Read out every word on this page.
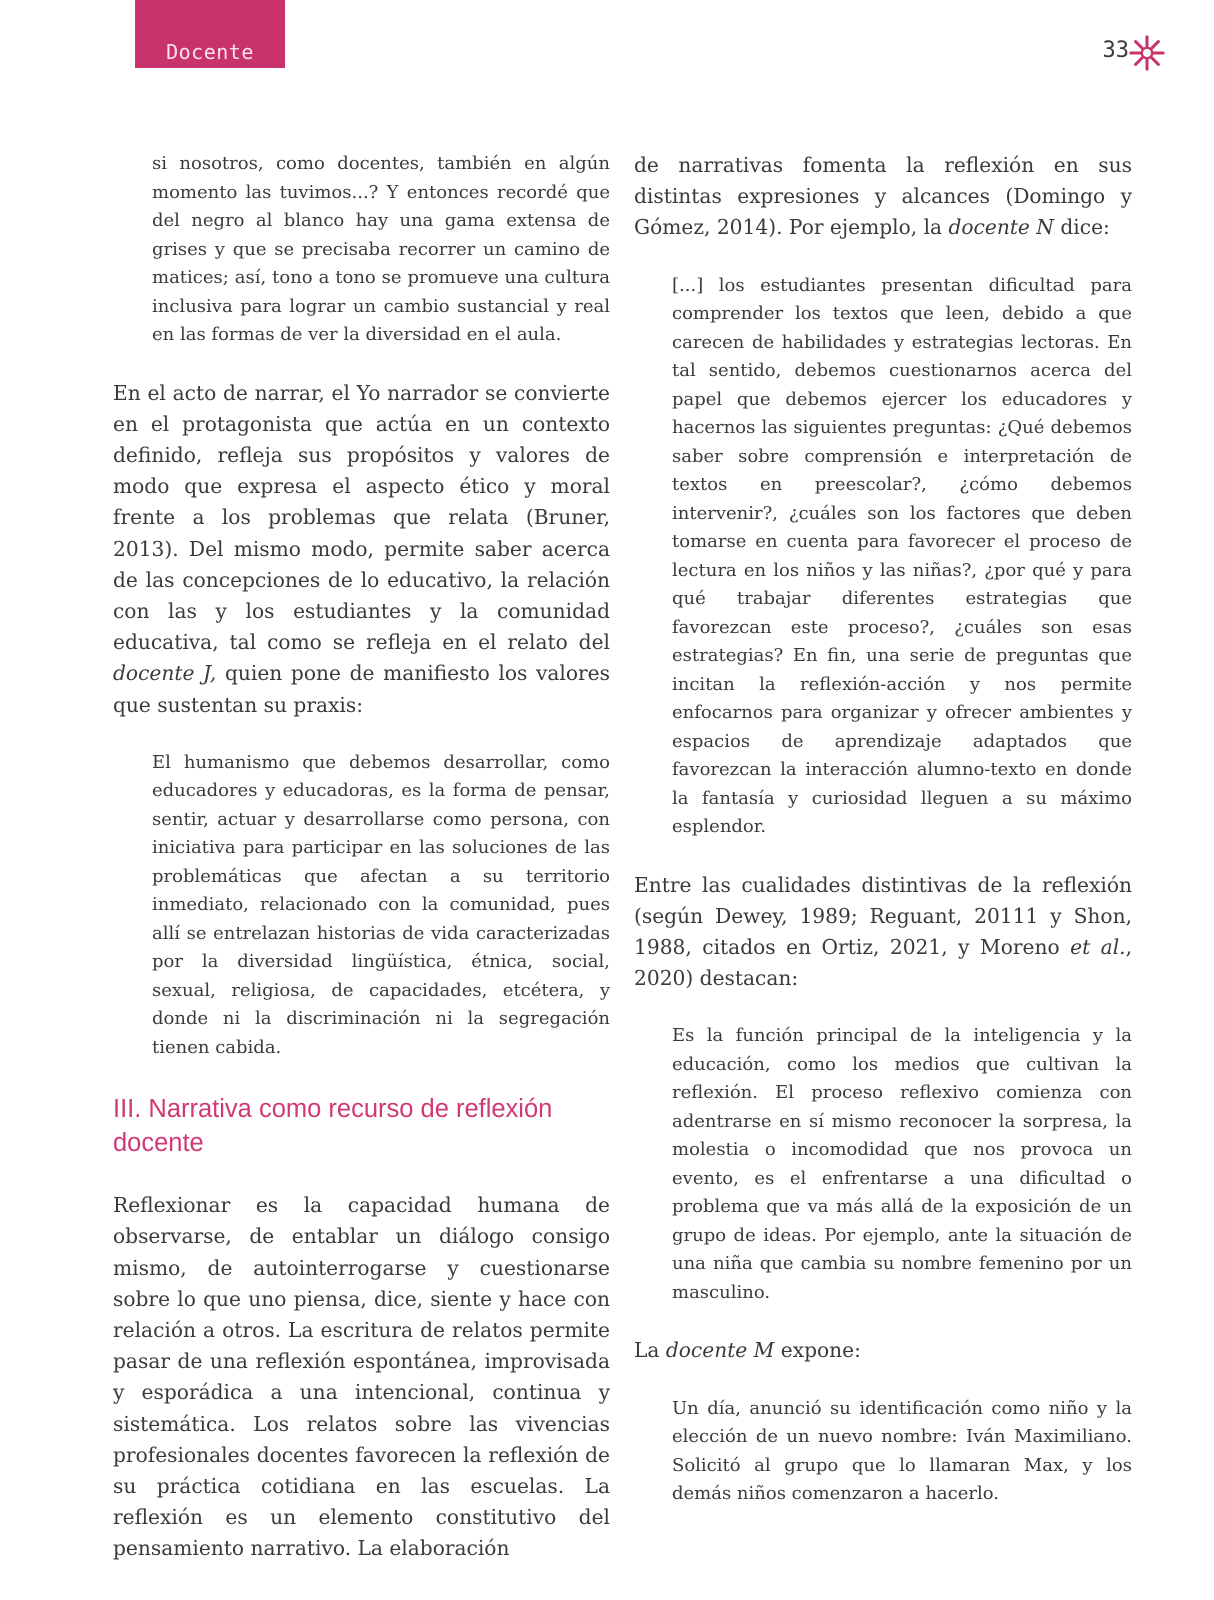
Docente	33

si nosotros, como docentes, también en algún momento las tuvimos...? Y entonces recordé que del negro al blanco hay una gama extensa de grises y que se precisaba recorrer un camino de matices; así, tono a tono se promueve una cultura inclusiva para lograr un cambio sustancial y real en las formas de ver la diversidad en el aula.

En el acto de narrar, el Yo narrador se convierte en el protagonista que actúa en un contexto definido, refleja sus propósitos y valores de modo que expresa el aspecto ético y moral frente a los problemas que relata (Bruner, 2013). Del mismo modo, permite saber acerca de las concepciones de lo educativo, la relación con las y los estudiantes y la comunidad educativa, tal como se refleja en el relato del docente J, quien pone de manifiesto los valores que sustentan su praxis:

El humanismo que debemos desarrollar, como educadores y educadoras, es la forma de pensar, sentir, actuar y desarrollarse como persona, con iniciativa para participar en las soluciones de las problemáticas que afectan a su territorio inmediato, relacionado con la comunidad, pues allí se entrelazan historias de vida caracterizadas por la diversidad lingüística, étnica, social, sexual, religiosa, de capacidades, etcétera, y donde ni la discriminación ni la segregación tienen cabida.

III. Narrativa como recurso de reflexión
docente

Reflexionar es la capacidad humana de observarse, de entablar un diálogo consigo mismo, de autointerrogarse y cuestionarse sobre lo que uno piensa, dice, siente y hace con relación a otros. La escritura de relatos permite pasar de una reflexión espontánea, improvisada y esporádica a una intencional, continua y sistemática. Los relatos sobre las vivencias profesionales docentes favorecen la reflexión de su práctica cotidiana en las escuelas. La reflexión es un elemento constitutivo del pensamiento narrativo. La elaboración

de narrativas fomenta la reflexión en sus distintas expresiones y alcances (Domingo y Gómez, 2014). Por ejemplo, la docente N dice:

[...] los estudiantes presentan dificultad para comprender los textos que leen, debido a que carecen de habilidades y estrategias lectoras. En tal sentido, debemos cuestionarnos acerca del papel que debemos ejercer los educadores y hacernos las siguientes preguntas: ¿Qué debemos saber sobre comprensión e interpretación de textos en preescolar?, ¿cómo debemos intervenir?, ¿cuáles son los factores que deben tomarse en cuenta para favorecer el proceso de lectura en los niños y las niñas?, ¿por qué y para qué trabajar diferentes estrategias que favorezcan este proceso?, ¿cuáles son esas estrategias? En fin, una serie de preguntas que incitan la reflexión-acción y nos permite enfocarnos para organizar y ofrecer ambientes y espacios de aprendizaje adaptados que favorezcan la interacción alumno-texto en donde la fantasía y curiosidad lleguen a su máximo esplendor.

Entre las cualidades distintivas de la reflexión (según Dewey, 1989; Reguant, 20111 y Shon, 1988, citados en Ortiz, 2021, y Moreno et al., 2020) destacan:

Es la función principal de la inteligencia y la educación, como los medios que cultivan la reflexión. El proceso reflexivo comienza con adentrarse en sí mismo reconocer la sorpresa, la molestia o incomodidad que nos provoca un evento, es el enfrentarse a una dificultad o problema que va más allá de la exposición de un grupo de ideas. Por ejemplo, ante la situación de una niña que cambia su nombre femenino por un masculino.

La docente M expone:

Un día, anunció su identificación como niño y la elección de un nuevo nombre: Iván Maximiliano. Solicitó al grupo que lo llamaran Max, y los demás niños comenzaron a hacerlo.
